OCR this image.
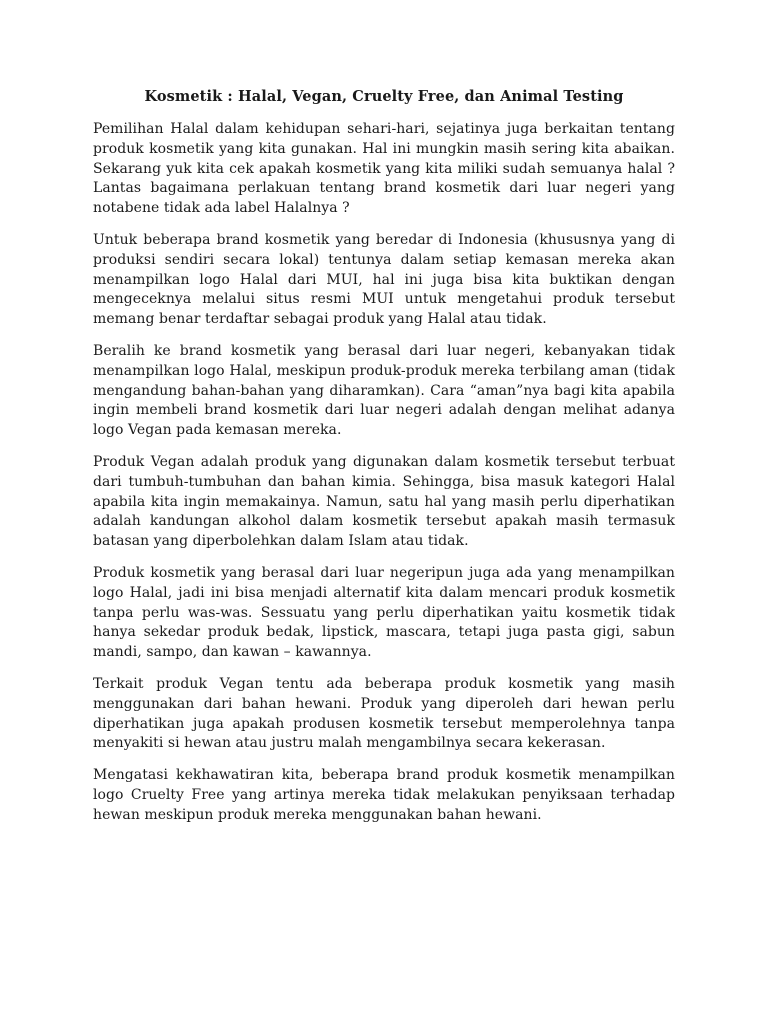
Kosmetik : Halal, Vegan, Cruelty Free, dan Animal Testing

Pemilihan Halal dalam kehidupan sehari-hari, sejatinya juga berkaitan tentang produk kosmetik yang kita gunakan. Hal ini mungkin masih sering kita abaikan. Sekarang yuk kita cek apakah kosmetik yang kita miliki sudah semuanya halal ? Lantas bagaimana perlakuan tentang brand kosmetik dari luar negeri yang notabene tidak ada label Halalnya ?

Untuk beberapa brand kosmetik yang beredar di Indonesia (khususnya yang di produksi sendiri secara lokal) tentunya dalam setiap kemasan mereka akan menampilkan logo Halal dari MUI, hal ini juga bisa kita buktikan dengan mengeceknya melalui situs resmi MUI untuk mengetahui produk tersebut memang benar terdaftar sebagai produk yang Halal atau tidak.

Beralih ke brand kosmetik yang berasal dari luar negeri, kebanyakan tidak menampilkan logo Halal, meskipun produk-produk mereka terbilang aman (tidak mengandung bahan-bahan yang diharamkan). Cara “aman”nya bagi kita apabila ingin membeli brand kosmetik dari luar negeri adalah dengan melihat adanya logo Vegan pada kemasan mereka.

Produk Vegan adalah produk yang digunakan dalam kosmetik tersebut terbuat dari tumbuh-tumbuhan dan bahan kimia. Sehingga, bisa masuk kategori Halal apabila kita ingin memakainya. Namun, satu hal yang masih perlu diperhatikan adalah kandungan alkohol dalam kosmetik tersebut apakah masih termasuk batasan yang diperbolehkan dalam Islam atau tidak.

Produk kosmetik yang berasal dari luar negeripun juga ada yang menampilkan logo Halal, jadi ini bisa menjadi alternatif kita dalam mencari produk kosmetik tanpa perlu was-was. Sessuatu yang perlu diperhatikan yaitu kosmetik tidak hanya sekedar produk bedak, lipstick, mascara, tetapi juga pasta gigi, sabun mandi, sampo, dan kawan – kawannya.

Terkait produk Vegan tentu ada beberapa produk kosmetik yang masih menggunakan dari bahan hewani. Produk yang diperoleh dari hewan perlu diperhatikan juga apakah produsen kosmetik tersebut memperolehnya tanpa menyakiti si hewan atau justru malah mengambilnya secara kekerasan.

Mengatasi kekhawatiran kita, beberapa brand produk kosmetik menampilkan logo Cruelty Free yang artinya mereka tidak melakukan penyiksaan terhadap hewan meskipun produk mereka menggunakan bahan hewani.
